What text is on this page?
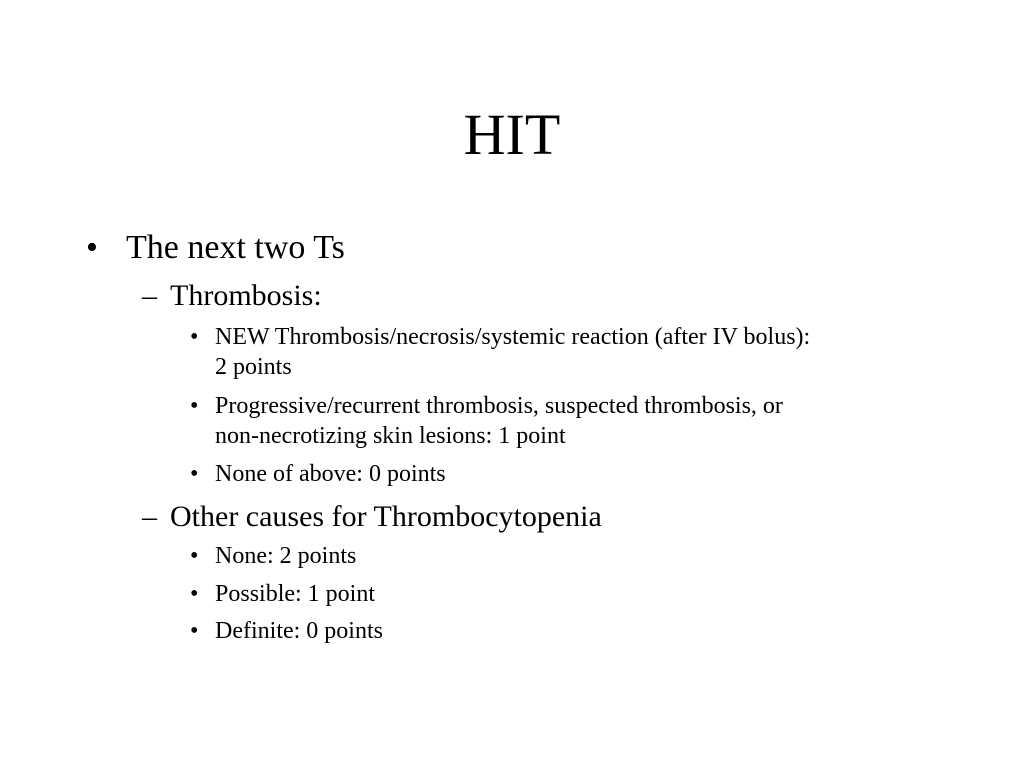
HIT
• The next two Ts
– Thrombosis:
• NEW Thrombosis/necrosis/systemic reaction (after IV bolus):
2 points
• Progressive/recurrent thrombosis, suspected thrombosis, or
non-necrotizing skin lesions: 1 point
• None of above: 0 points
– Other causes for Thrombocytopenia
• None: 2 points
• Possible: 1 point
• Definite: 0 points
